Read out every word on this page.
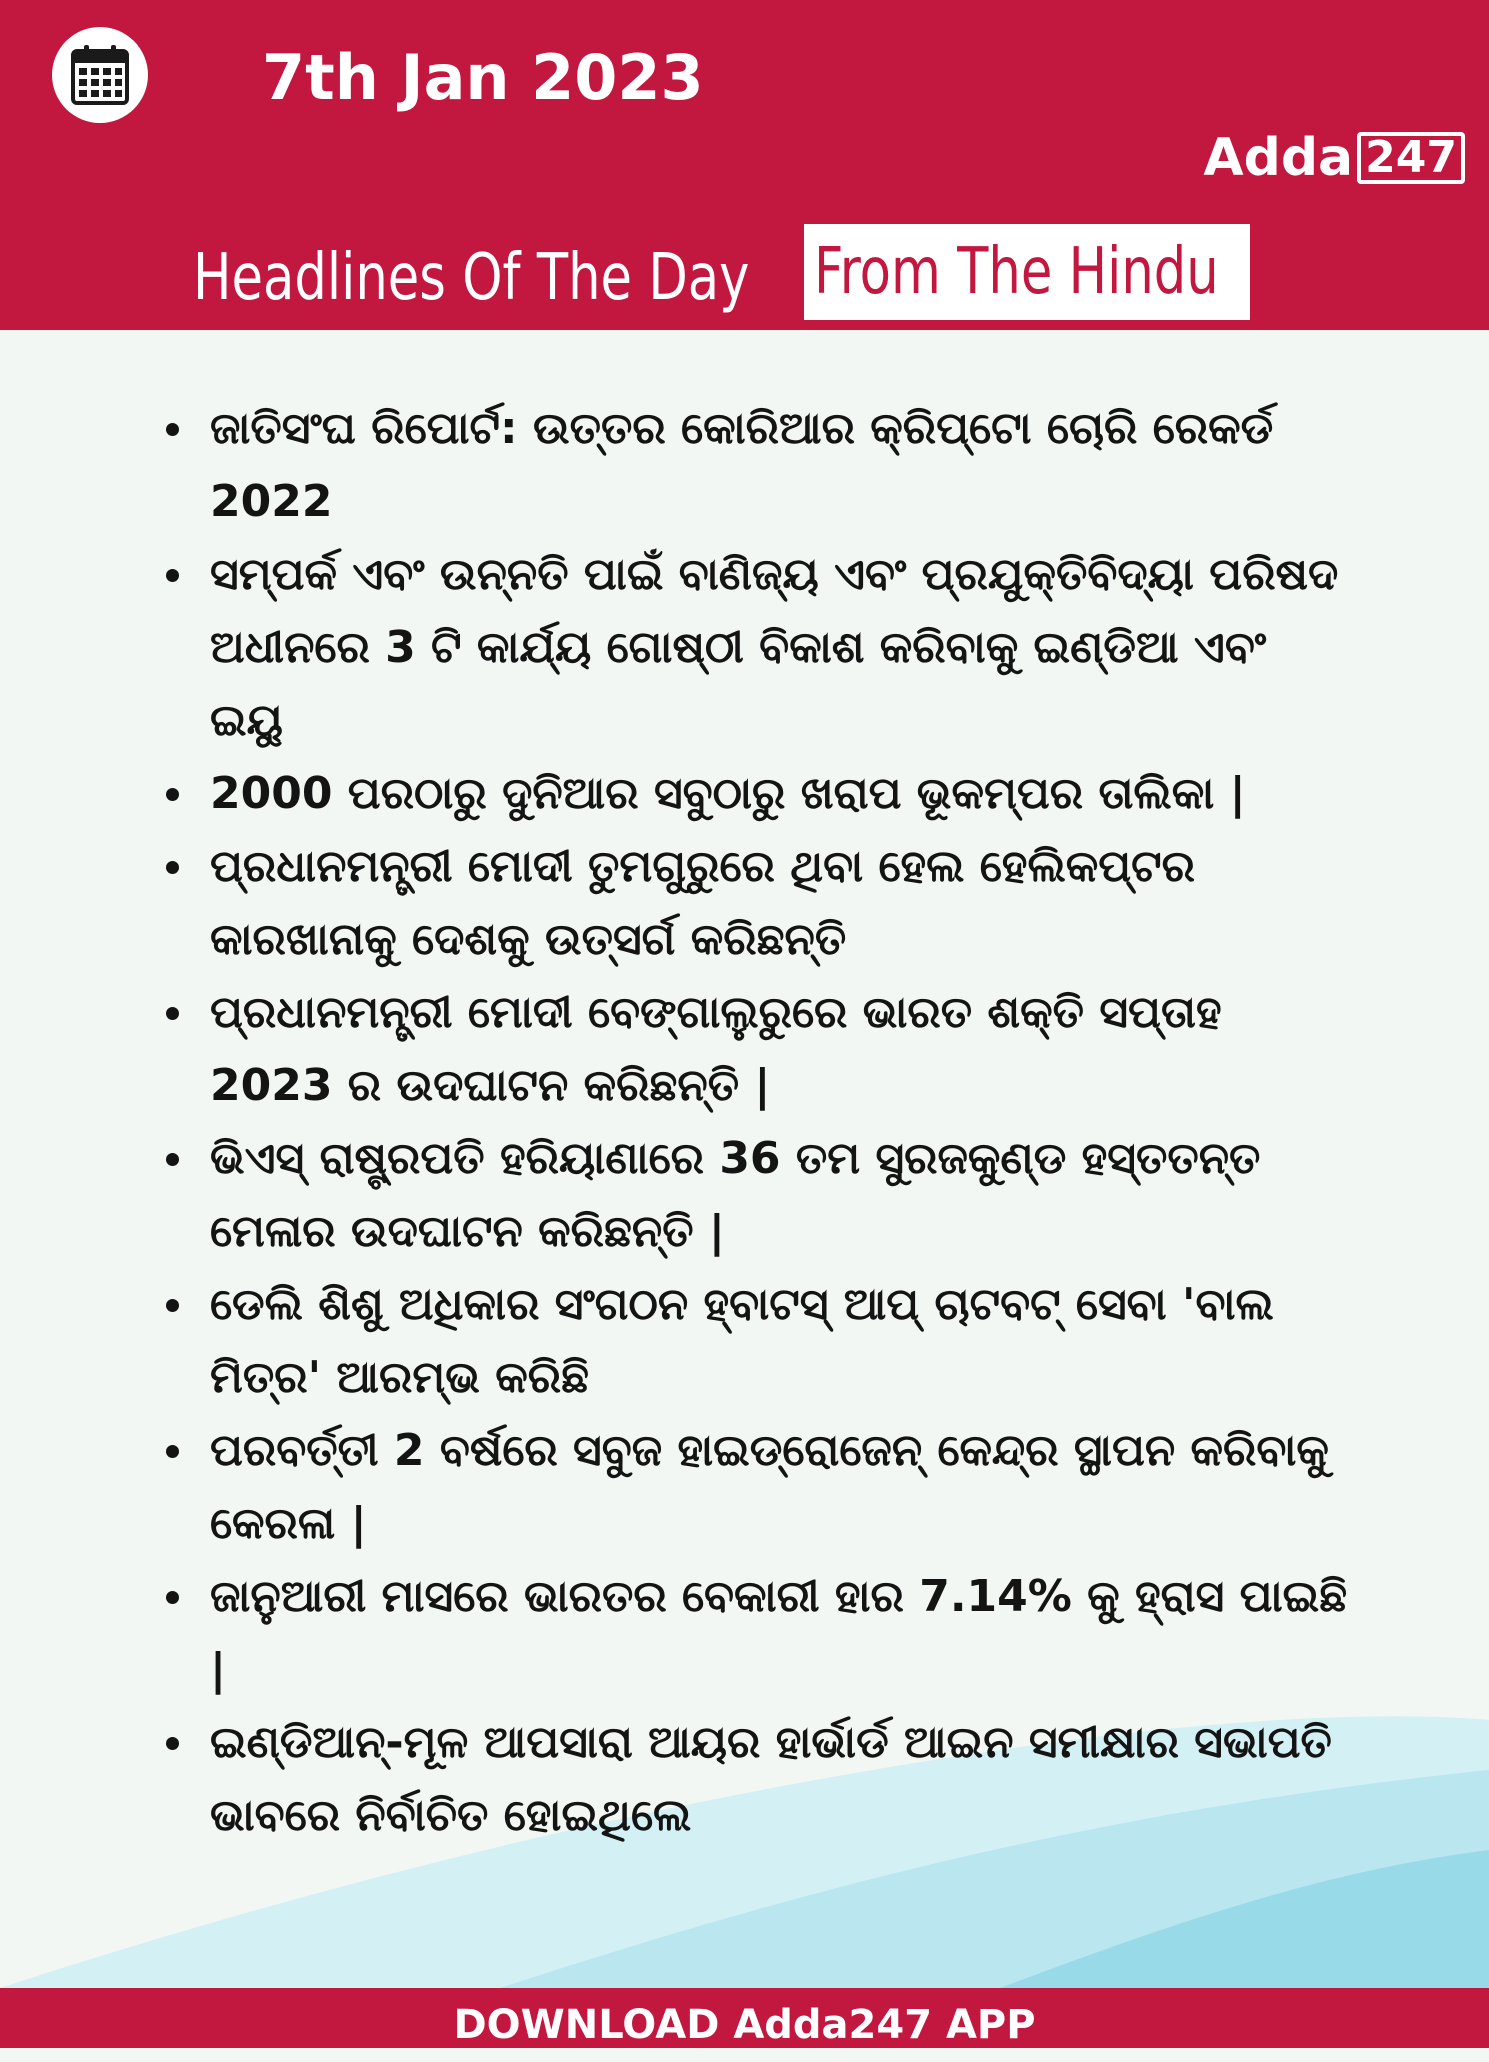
7th Jan 2023
Adda 247
Headlines Of The Day From The Hindu
ଜାତିସଂଘ ରିପୋର୍ଟ: ଉତ୍ତର କୋରିଆର କ୍ରିପ୍ଟୋ ଚୋରି ରେକର୍ଡ 2022
ସମ୍ପର୍କ ଏବଂ ଉନ୍ନତି ପାଇଁ ବାଣିଜ୍ୟ ଏବଂ ପ୍ରଯୁକ୍ତିବିଦ୍ୟା ପରିଷଦ ଅଧୀନରେ 3 ଟି କାର୍ଯ୍ୟ ଗୋଷ୍ଠୀ ବିକାଶ କରିବାକୁ ଇଣ୍ଡିଆ ଏବଂ ଇୟୁ
2000 ପରଠାରୁ ଦୁନିଆର ସବୁଠାରୁ ଖରାପ ଭୂକମ୍ପର ତାଲିକା |
ପ୍ରଧାନମନ୍ତ୍ରୀ ମୋଦୀ ତୁମଗୁରୁରେ ଥିବା ହେଲ ହେଲିକପ୍ଟର କାରଖାନାକୁ ଦେଶକୁ ଉତ୍ସର୍ଗ କରିଛନ୍ତି
ପ୍ରଧାନମନ୍ତ୍ରୀ ମୋଦୀ ବେଙ୍ଗାଲୁରୁରେ ଭାରତ ଶକ୍ତି ସପ୍ତାହ 2023 ର ଉଦଘାଟନ କରିଛନ୍ତି |
ଭିଏସ୍ ରାଷ୍ଟ୍ରପତି ହରିୟାଣାରେ 36 ତମ ସୁରଜକୁଣ୍ଡ ହସ୍ତତନ୍ତ ମେଳାର ଉଦଘାଟନ କରିଛନ୍ତି |
ଡେଲି ଶିଶୁ ଅଧିକାର ସଂଗଠନ ହ୍ବାଟସ୍ ଆପ୍ ଚାଟବଟ୍ ସେବା 'ବାଲ ମିତ୍ର' ଆରମ୍ଭ କରିଛି
ପରବର୍ତ୍ତୀ 2 ବର୍ଷରେ ସବୁଜ ହାଇଡ୍ରୋଜେନ୍ କେନ୍ଦ୍ର ସ୍ଥାପନ କରିବାକୁ କେରଳା |
ଜାନୁଆରୀ ମାସରେ ଭାରତର ବେକାରୀ ହାର 7.14% କୁ ହ୍ରାସ ପାଇଛି |
ଇଣ୍ଡିଆନ୍-ମୂଳ ଆପସାରା ଆୟର ହାର୍ଭାର୍ଡ ଆଇନ ସମୀକ୍ଷାର ସଭାପତି ଭାବରେ ନିର୍ବାଚିତ ହୋଇଥିଲେ
DOWNLOAD Adda247 APP
